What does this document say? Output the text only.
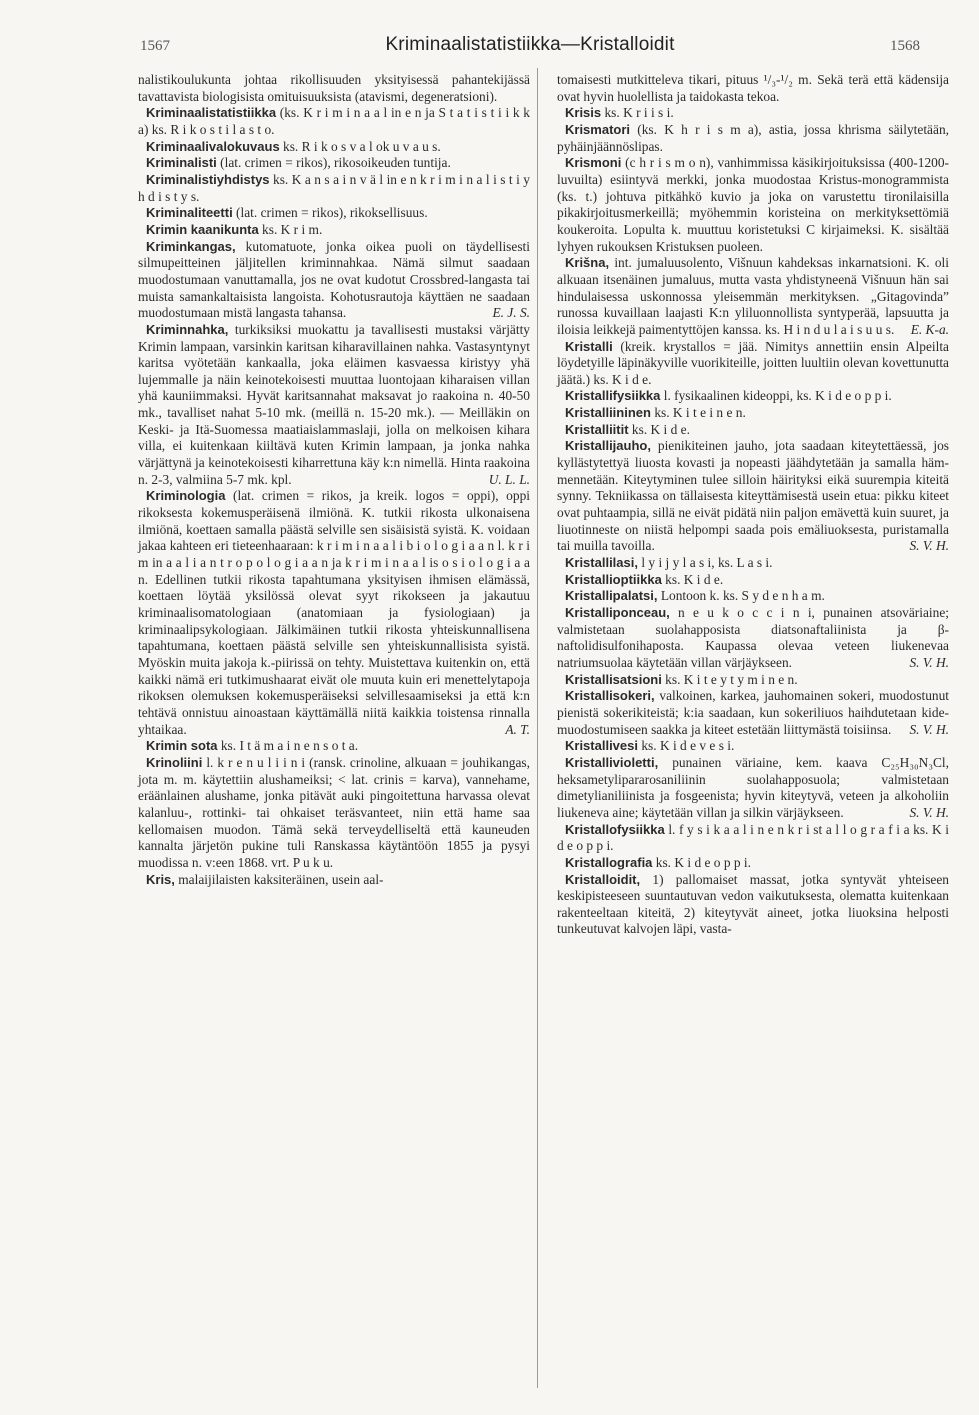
1567	Kriminaalistatistiikka—Kristalloidit	1568

nalistikoulukunta johtaa rikollisuuden yksityisessä pahantekijässä tavattavista biologisista omituisuuksista (atavismi, degeneratsioni).

Kriminaalistatistiikka (ks. K r i m i n a a l in e n ja S t a t i s t i i k k a) ks. R i k o s t i l a s t o.

Kriminaalivalokuvaus ks. R i k o s v a l ok u v a u s.

Kriminalisti (lat. crimen = rikos), rikosoikeuden tuntija.

Kriminalistiyhdistys ks. K a n s a i n v ä l in e n k r i m i n a l i s t i y h d i s t y s.

Kriminaliteetti (lat. crimen = rikos), rikoksellisuus.

Krimin kaanikunta ks. K r i m.

Kriminkangas, kutomatuote, jonka oikea puoli on täydellisesti silmupeitteinen jäljitellen kriminnahkaa. Nämä silmut saadaan muodostumaan vanuttamalla, jos ne ovat kudotut Crossbred-langasta tai muista samankaltaisista langoista. Kohotusrautoja käyttäen ne saadaan muodostumaan mistä langasta tahansa.	E. J. S.

Kriminnahka, turkiksiksi muokattu ja tavallisesti mustaksi värjätty Krimin lampaan, varsinkin karitsan kiharavillainen nahka. Vastasyntynyt karitsa vyötetään kankaalla, joka eläimen kasvaessa kiristyy yhä lujemmalle ja näin keinotekoisesti muuttaa luontojaan kiharaisen villan yhä kauniimmaksi. Hyvät karitsannahat maksavat jo raakoina n. 40-50 mk., tavalliset nahat 5-10 mk. (meillä n. 15-20 mk.). — Meilläkin on Keski- ja Itä-Suomessa maatiaislammaslaji, jolla on melkoisen kihara villa, ei kuitenkaan kiiltävä kuten Krimin lampaan, ja jonka nahka värjättynä ja keinotekoisesti kiharrettuna käy k:n nimellä. Hinta raakoina n. 2-3, valmiina 5-7 mk. kpl.	U. L. L.

Kriminologia (lat. crimen = rikos, ja kreik. logos = oppi), oppi rikoksesta kokemusperäisenä ilmiönä. K. tutkii rikosta ulkonaisena ilmiönä, koettaen samalla päästä selville sen sisäisistä syistä. K. voidaan jakaa kahteen eri tieteenhaaraan: k r i m i n a a l i b i o l o g i a a n l. k r i m in a a l i a n t r o p o l o g i a a n ja k r i m i n a a l is o s i o l o g i a a n. Edellinen tutkii rikosta tapahtumana yksityisen ihmisen elämässä, koettaen löytää yksilössä olevat syyt rikokseen ja jakautuu kriminaalisomatologiaan (anatomiaan ja fysiologiaan) ja kriminaalipsykologiaan. Jälkimäinen tutkii rikosta yhteiskunnallisena tapahtumana, koettaen päästä selville sen yhteiskunnallisista syistä. Myöskin muita jakoja k.-piirissä on tehty. Muistettava kuitenkin on, että kaikki nämä eri tutkimushaarat eivät ole muuta kuin eri menettelytapoja rikoksen olemuksen kokemusperäiseksi selvillesaamiseksi ja että k:n tehtävä onnistuu ainoastaan käyttämällä niitä kaikkia toistensa rinnalla yhtaikaa.	A. T.

Krimin sota ks. I t ä m a i n e n s o t a.

Krinoliini l. k r e n u l i i n i (ransk. crinoline, alkuaan = jouhikangas, jota m. m. käytettiin alushameiksi; < lat. crinis = karva), vannehame, eräänlainen alushame, jonka pitävät auki pingoitettuna harvassa olevat kalanluu-, rottinki- tai ohkaiset teräsvanteet, niin että hame saa kellomaisen muodon. Tämä sekä terveydelliseltä että kauneuden kannalta järjetön pukine tuli Ranskassa käytäntöön 1855 ja pysyi muodissa n. v:een 1868. vrt. P u k u.

Kris, malaijilaisten kaksiteräinen, usein aal-

tomaisesti mutkitteleva tikari, pituus ¹/₃-¹/₂ m. Sekä terä että kädensija ovat hyvin huolellista ja taidokasta tekoa.

Krisis ks. K r i i s i.

Krismatori (ks. K h r i s m a), astia, jossa khrisma säilytetään, pyhäinjäännöslipas.

Krismoni (c h r i s m o n), vanhimmissa käsikirjoituksissa (400-1200-luvuilta) esiintyvä merkki, jonka muodostaa Kristus-monogrammista (ks. t.) johtuva pitkähkö kuvio ja joka on varustettu tironilaisilla pikakirjoitusmerkeillä; myöhemmin koristeina on merkityksettömiä koukeroita. Lopulta k. muuttuu koristetuksi C kirjaimeksi. K. sisältää lyhyen rukouksen Kristuksen puoleen.

Krišna, int. jumaluusolento, Višnuun kahdeksas inkarnatsioni. K. oli alkuaan itsenäinen jumaluus, mutta vasta yhdistyneenä Višnuun hän sai hindulaisessa uskonnossa yleisemmän merkityksen. „Gitagovinda” runossa kuvaillaan laajasti K:n yliluonnollista syntyperää, lapsuutta ja iloisia leikkejä paimentyttöjen kanssa. ks. H i n d u l a i s u u s.	E. K-a.

Kristalli (kreik. krystallos = jää. Nimitys annettiin ensin Alpeilta löydetyille läpinäkyville vuorikiteille, joitten luultiin olevan kovettunutta jäätä.) ks. K i d e.

Kristallifysiikka l. fysikaalinen kideoppi, ks. K i d e o p p i.

Kristalliininen ks. K i t e i n e n.

Kristalliitit ks. K i d e.

Kristallijauho, pienikiteinen jauho, jota saadaan kiteytettäessä, jos kyllästytettyä liuosta kovasti ja nopeasti jäähdytetään ja samalla hämmennetään. Kiteytyminen tulee silloin häirityksi eikä suurempia kiteitä synny. Tekniikassa on tällaisesta kiteyttämisestä usein etua: pikku kiteet ovat puhtaampia, sillä ne eivät pidätä niin paljon emävettä kuin suuret, ja liuotinneste on niistä helpompi saada pois emäliuoksesta, puristamalla tai muilla tavoilla.	S. V. H.

Kristallilasi, l y i j y l a s i, ks. L a s i.

Kristallioptiikka ks. K i d e.

Kristallipalatsi, Lontoon k. ks. S y d e n h a m.

Kristalliponceau, n e u k o c c i n i, punainen atsoväriaine; valmistetaan suolahapposista diatsonaftaliinista ja β-naftolidisulfonihaposta. Kaupassa olevaa veteen liukenevaa natriumsuolaa käytetään villan värjäykseen.	S. V. H.

Kristallisatsioni ks. K i t e y t y m i n e n.

Kristallisokeri, valkoinen, karkea, jauhomainen sokeri, muodostunut pienistä sokerikiteistä; k:ia saadaan, kun sokeriliuos haihdutetaan kidemuodostumiseen saakka ja kiteet estetään liittymästä toisiinsa.	S. V. H.

Kristallivesi ks. K i d e v e s i.

Kristallivioletti, punainen väriaine, kem. kaava C₂₅H₃₀N₃Cl, heksametylipararosaniliinin suolahapposuola; valmistetaan dimetylianiliinista ja fosgeenista; hyvin kiteytyvä, veteen ja alkoholiin liukeneva aine; käytetään villan ja silkin värjäykseen.	S. V. H.

Kristallofysiikka l. f y s i k a a l i n e n k r i st a l l o g r a f i a ks. K i d e o p p i.

Kristallografia ks. K i d e o p p i.

Kristalloidit, 1) pallomaiset massat, jotka syntyvät yhteiseen keskipisteeseen suuntautuvan vedon vaikutuksesta, olematta kuitenkaan rakenteeltaan kiteitä, 2) kiteytyvät aineet, jotka liuoksina helposti tunkeutuvat kalvojen läpi, vasta-
